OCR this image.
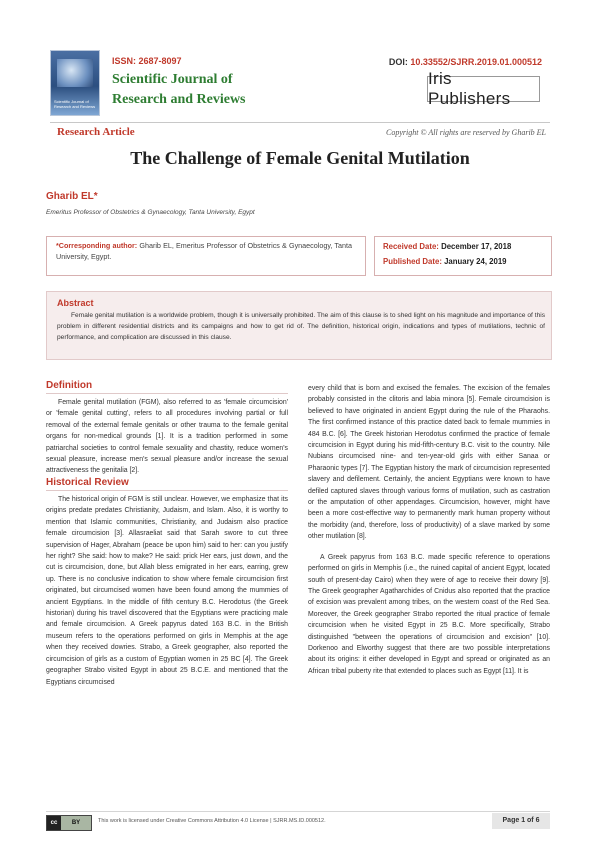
Scientific Journal of Research and Reviews
ISSN: 2687-8097
Scientific Journal of
Research and Reviews
DOI: 10.33552/SJRR.2019.01.000512
Iris Publishers
Research Article	Copyright © All rights are reserved by Gharib EL
The Challenge of Female Genital Mutilation
Gharib EL*
Emeritus Professor of Obstetrics & Gynaecology, Tanta University, Egypt
*Corresponding author: Gharib EL, Emeritus Professor of Obstetrics & Gynaecology, Tanta University, Egypt.
Received Date: December 17, 2018
Published Date: January 24, 2019
Abstract
Female genital mutilation is a worldwide problem, though it is universally prohibited. The aim of this clause is to shed light on his magnitude and importance of this problem in different residential districts and its campaigns and how to get rid of. The definition, historical origin, indications and types of mutilations, technic of performance, and complication are discussed in this clause.
Definition

Female genital mutilation (FGM), also referred to as 'female circumcision' or 'female genital cutting', refers to all procedures involving partial or full removal of the external female genitals or other trauma to the female genital organs for non-medical grounds [1]. It is a tradition performed in some patriarchal societies to control female sexuality and chastity, reduce women's sexual pleasure, increase men's sexual pleasure and/or increase the sexual attractiveness the genitalia [2].

Historical Review

The historical origin of FGM is still unclear. However, we emphasize that its origins predate predates Christianity, Judaism, and Islam. Also, it is worthy to mention that Islamic communities, Christianity, and Judaism also practice female circumcision [3]. Allasraeliat said that Sarah swore to cut three supervision of Hager, Abraham (peace be upon him) said to her: can you justify her right? She said: how to make? He said: prick Her ears, just down, and the cut is circumcision, done, but Allah bless emigrated in her ears, earring, grew up. There is no conclusive indication to show where female circumcision first originated, but circumcised women have been found among the mummies of ancient Egyptians. In the middle of fifth century B.C. Herodotus (the Greek historian) during his travel discovered that the Egyptians were practicing male and female circumcision. A Greek papyrus dated 163 B.C. in the British museum refers to the operations performed on girls in Memphis at the age when they received dowries. Strabo, a Greek geographer, also reported the circumcision of girls as a custom of Egyptian women in 25 BC [4]. The Greek geographer Strabo visited Egypt in about 25 B.C.E. and mentioned that the Egyptians circumcised

every child that is born and excised the females. The excision of the females probably consisted in the clitoris and labia minora [5]. Female circumcision is believed to have originated in ancient Egypt during the rule of the Pharaohs. The first confirmed instance of this practice dated back to female mummies in 484 B.C. [6]. The Greek historian Herodotus confirmed the practice of female circumcision in Egypt during his mid-fifth-century B.C. visit to the country. Nile Nubians circumcised nine- and ten-year-old girls with either Sanaa or Pharaonic types [7]. The Egyptian history the mark of circumcision represented slavery and defilement. Certainly, the ancient Egyptians were known to have defiled captured slaves through various forms of mutilation, such as castration or the amputation of other appendages. Circumcision, however, might have been a more cost-effective way to permanently mark human property without the morbidity (and, therefore, loss of productivity) of a slave marked by some other mutilation [8].

A Greek papyrus from 163 B.C. made specific reference to operations performed on girls in Memphis (i.e., the ruined capital of ancient Egypt, located south of present-day Cairo) when they were of age to receive their dowry [9]. The Greek geographer Agatharchides of Cnidus also reported that the practice of excision was prevalent among tribes, on the western coast of the Red Sea. Moreover, the Greek geographer Strabo reported the ritual practice of female circumcision when he visited Egypt in 25 B.C. More specifically, Strabo distinguished "between the operations of circumcision and excision" [10]. Dorkenoo and Elworthy suggest that there are two possible interpretations about its origins: it either developed in Egypt and spread or originated as an African tribal puberty rite that extended to places such as Egypt [11]. It is

cc	BY	This work is licensed under Creative Commons Attribution 4.0 License | SJRR.MS.ID.000512.	Page 1 of 6
